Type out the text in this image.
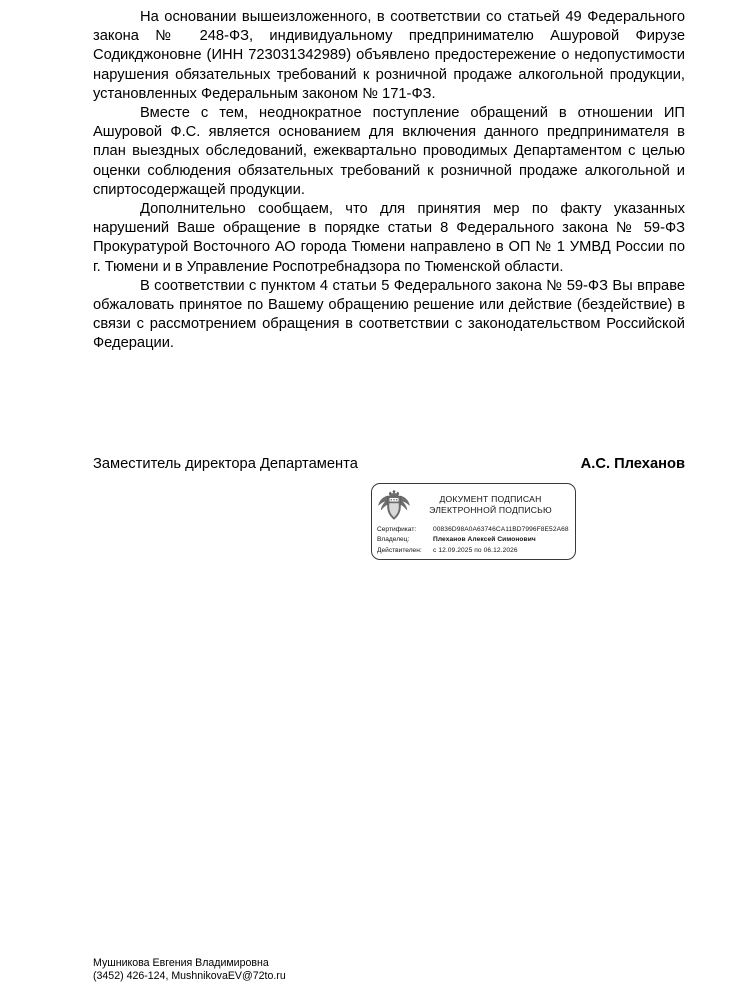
На основании вышеизложенного, в соответствии со статьей 49 Федерального закона № 248-ФЗ, индивидуальному предпринимателю Ашуровой Фирузе Содикджоновне (ИНН 723031342989) объявлено предостережение о недопустимости нарушения обязательных требований к розничной продаже алкогольной продукции, установленных Федеральным законом № 171-ФЗ.

Вместе с тем, неоднократное поступление обращений в отношении ИП Ашуровой Ф.С. является основанием для включения данного предпринимателя в план выездных обследований, ежеквартально проводимых Департаментом с целью оценки соблюдения обязательных требований к розничной продаже алкогольной и спиртосодержащей продукции.

Дополнительно сообщаем, что для принятия мер по факту указанных нарушений Ваше обращение в порядке статьи 8 Федерального закона № 59-ФЗ Прокуратурой Восточного АО города Тюмени направлено в ОП № 1 УМВД России по г. Тюмени и в Управление Роспотребнадзора по Тюменской области.

В соответствии с пунктом 4 статьи 5 Федерального закона № 59-ФЗ Вы вправе обжаловать принятое по Вашему обращению решение или действие (бездействие) в связи с рассмотрением обращения в соответствии с законодательством Российской Федерации.

Заместитель директора Департамента	А.С. Плеханов
ДОКУМЕНТ ПОДПИСАН
ЭЛЕКТРОННОЙ ПОДПИСЬЮ
Сертификат:	00836D98A0A63746CA11BD7996F8E52A68
Владелец:	Плеханов Алексей Симонович
Действителен:	с 12.09.2025 по 06.12.2026
Мушникова Евгения Владимировна
(3452) 426-124, MushnikovaEV@72to.ru
